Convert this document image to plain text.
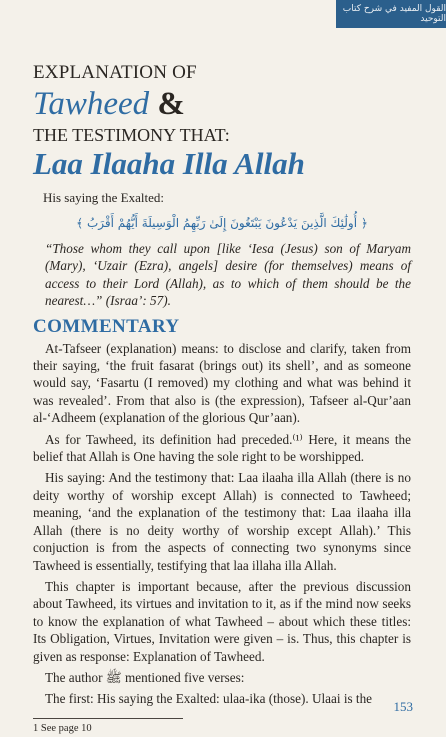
القول المفيد في شرح كتاب التوحيد
EXPLANATION OF
Tawheed &
THE TESTIMONY THAT:
Laa Ilaaha Illa Allah
His saying the Exalted:
﴿ أُولَٰئِكَ الَّذِينَ يَدْعُونَ يَبْتَغُونَ إِلَىٰ رَبِّهِمُ الْوَسِيلَةَ أَيُّهُمْ أَقْرَبُ ﴾
“Those whom they call upon [like ‘Iesa (Jesus) son of Maryam (Mary), ‘Uzair (Ezra), angels] desire (for themselves) means of access to their Lord (Allah), as to which of them should be the nearest…” (Israa’: 57).
COMMENTARY

At-Tafseer (explanation) means: to disclose and clarify, taken from their saying, ‘the fruit fasarat (brings out) its shell’, and as someone would say, ‘Fasartu (I removed) my clothing and what was behind it was revealed’. From that also is (the expression), Tafseer al-Qur’aan al-‘Adheem (explanation of the glorious Qur’aan).

As for Tawheed, its definition had preceded.⁽¹⁾ Here, it means the belief that Allah is One having the sole right to be worshipped.

His saying: And the testimony that: Laa ilaaha illa Allah (there is no deity worthy of worship except Allah) is connected to Tawheed; meaning, ‘and the explanation of the testimony that: Laa ilaaha illa Allah (there is no deity worthy of worship except Allah).’ This conjuction is from the aspects of connecting two synonyms since Tawheed is essentially, testifying that laa illaha illa Allah.

This chapter is important because, after the previous discussion about Tawheed, its virtues and invitation to it, as if the mind now seeks to know the explanation of what Tawheed – about which these titles: Its Obligation, Virtues, Invitation were given – is. Thus, this chapter is given as response: Explanation of Tawheed.

The author ﷺ mentioned five verses:

The first: His saying the Exalted: ulaa-ika (those). Ulaai is the

1 See page 10
153
